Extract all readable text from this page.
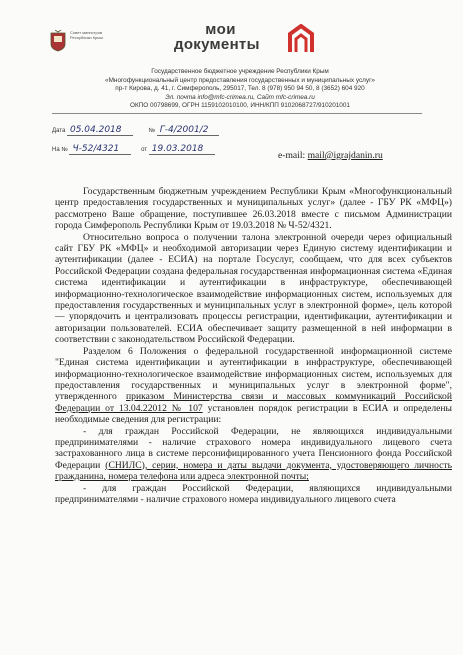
Совет министров Республики Крым	мои
документы
Государственное бюджетное учреждение Республики Крым
«Многофункциональный центр предоставления государственных и муниципальных услуг»
пр-т Кирова, д. 41, г. Симферополь, 295017, Тел. 8 (978) 950 94 50, 8 (3652) 604 920
Эл. почта info@mfc-crimea.ru, Сайт mfc-crimea.ru
ОКПО 00798699, ОГРН 1159102010100, ИНН/КПП 9102068727/910201001
Дата 05.04.2018	№ Г-4/2001/2
На № Ч-52/4321	от 19.03.2018
e-mail: mail@igrajdanin.ru

Государственным бюджетным учреждением Республики Крым «Многофункциональный центр предоставления государственных и муниципальных услуг» (далее - ГБУ РК «МФЦ») рассмотрено Ваше обращение, поступившее 26.03.2018 вместе с письмом Администрации города Симферополь Республики Крым от 19.03.2018 № Ч-52/4321.

Относительно вопроса о получении талона электронной очереди через официальный сайт ГБУ РК «МФЦ» и необходимой авторизации через Единую систему идентификации и аутентификации (далее - ЕСИА) на портале Госуслуг, сообщаем, что для всех субъектов Российской Федерации создана федеральная государственная информационная система «Единая система идентификации и аутентификации в инфраструктуре, обеспечивающей информационно-технологическое взаимодействие информационных систем, используемых для предоставления государственных и муниципальных услуг в электронной форме», цель которой — упорядочить и централизовать процессы регистрации, идентификации, аутентификации и авторизации пользователей. ЕСИА обеспечивает защиту размещенной в ней информации в соответствии с законодательством Российской Федерации.

Разделом 6 Положения о федеральной государственной информационной системе "Единая система идентификации и аутентификации в инфраструктуре, обеспечивающей информационно-технологическое взаимодействие информационных систем, используемых для предоставления государственных и муниципальных услуг в электронной форме", утвержденного приказом Министерства связи и массовых коммуникаций Российской Федерации от 13.04.22012 № 107 установлен порядок регистрации в ЕСИА и определены необходимые сведения для регистрации:

- для граждан Российской Федерации, не являющихся индивидуальными предпринимателями - наличие страхового номера индивидуального лицевого счета застрахованного лица в системе персонифицированного учета Пенсионного фонда Российской Федерации (СНИЛС), серии, номера и даты выдачи документа, удостоверяющего личность гражданина, номера телефона или адреса электронной почты;

- для граждан Российской Федерации, являющихся индивидуальными предпринимателями - наличие страхового номера индивидуального лицевого счета
